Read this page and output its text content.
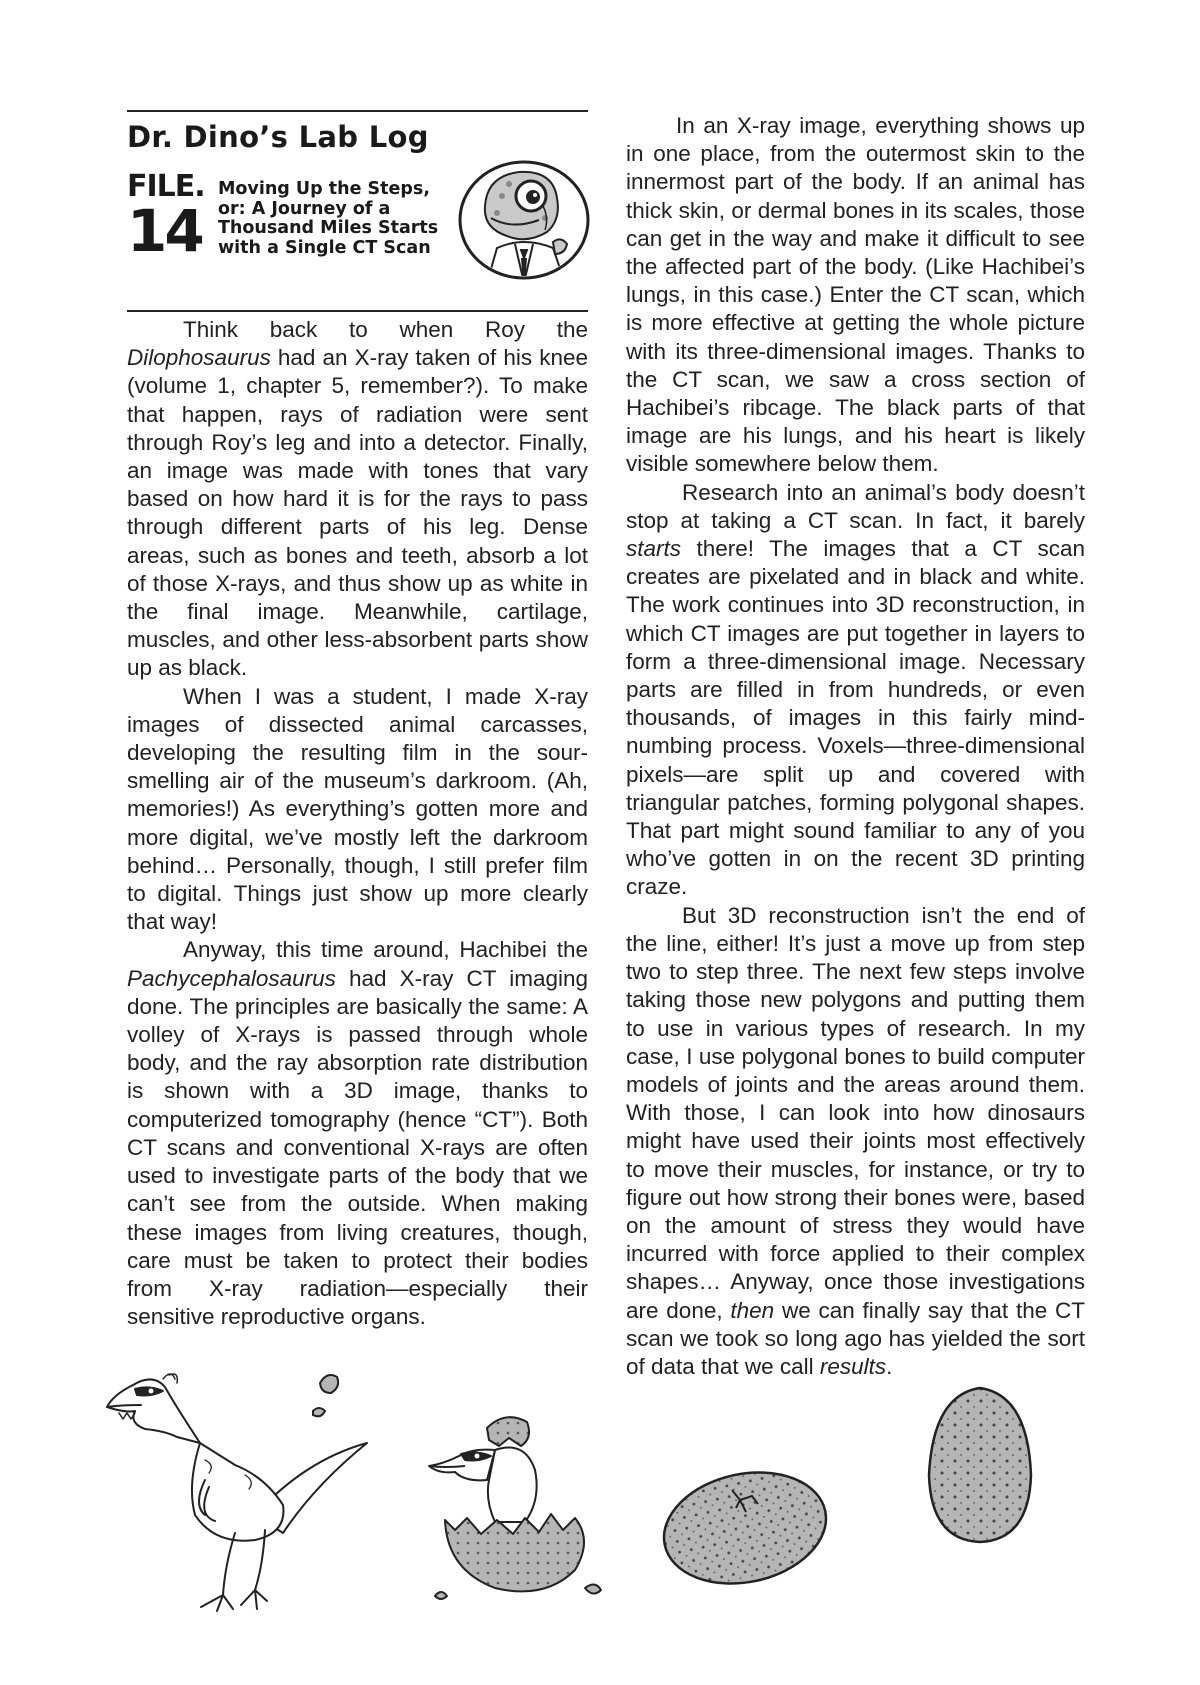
Dr. Dino’s Lab Log
FILE.
14
Moving Up the Steps, or: A Journey of a Thousand Miles Starts with a Single CT Scan

Think back to when Roy the Dilophosaurus had an X-ray taken of his knee (volume 1, chapter 5, remember?). To make that happen, rays of radiation were sent through Roy’s leg and into a detector. Finally, an image was made with tones that vary based on how hard it is for the rays to pass through different parts of his leg. Dense areas, such as bones and teeth, absorb a lot of those X-rays, and thus show up as white in the final image. Meanwhile, cartilage, muscles, and other less-absorbent parts show up as black.

When I was a student, I made X-ray images of dissected animal carcasses, developing the resulting film in the sour-smelling air of the museum’s darkroom. (Ah, memories!) As everything’s gotten more and more digital, we’ve mostly left the darkroom behind… Personally, though, I still prefer film to digital. Things just show up more clearly that way!

Anyway, this time around, Hachibei the Pachycephalosaurus had X-ray CT imaging done. The principles are basically the same: A volley of X-rays is passed through whole body, and the ray absorption rate distribution is shown with a 3D image, thanks to computerized tomography (hence “CT”). Both CT scans and conventional X-rays are often used to investigate parts of the body that we can’t see from the outside. When making these images from living creatures, though, care must be taken to protect their bodies from X-ray radiation—especially their sensitive reproductive organs.

In an X-ray image, everything shows up in one place, from the outermost skin to the innermost part of the body. If an animal has thick skin, or dermal bones in its scales, those can get in the way and make it difficult to see the affected part of the body. (Like Hachibei’s lungs, in this case.) Enter the CT scan, which is more effective at getting the whole picture with its three-dimensional images. Thanks to the CT scan, we saw a cross section of Hachibei’s ribcage. The black parts of that image are his lungs, and his heart is likely visible somewhere below them.

Research into an animal’s body doesn’t stop at taking a CT scan. In fact, it barely starts there! The images that a CT scan creates are pixelated and in black and white. The work continues into 3D reconstruction, in which CT images are put together in layers to form a three-dimensional image. Necessary parts are filled in from hundreds, or even thousands, of images in this fairly mind-numbing process. Voxels—three-dimensional pixels—are split up and covered with triangular patches, forming polygonal shapes. That part might sound familiar to any of you who’ve gotten in on the recent 3D printing craze.

But 3D reconstruction isn’t the end of the line, either! It’s just a move up from step two to step three. The next few steps involve taking those new polygons and putting them to use in various types of research. In my case, I use polygonal bones to build computer models of joints and the areas around them. With those, I can look into how dinosaurs might have used their joints most effectively to move their muscles, for instance, or try to figure out how strong their bones were, based on the amount of stress they would have incurred with force applied to their complex shapes… Anyway, once those investigations are done, then we can finally say that the CT scan we took so long ago has yielded the sort of data that we call results.
